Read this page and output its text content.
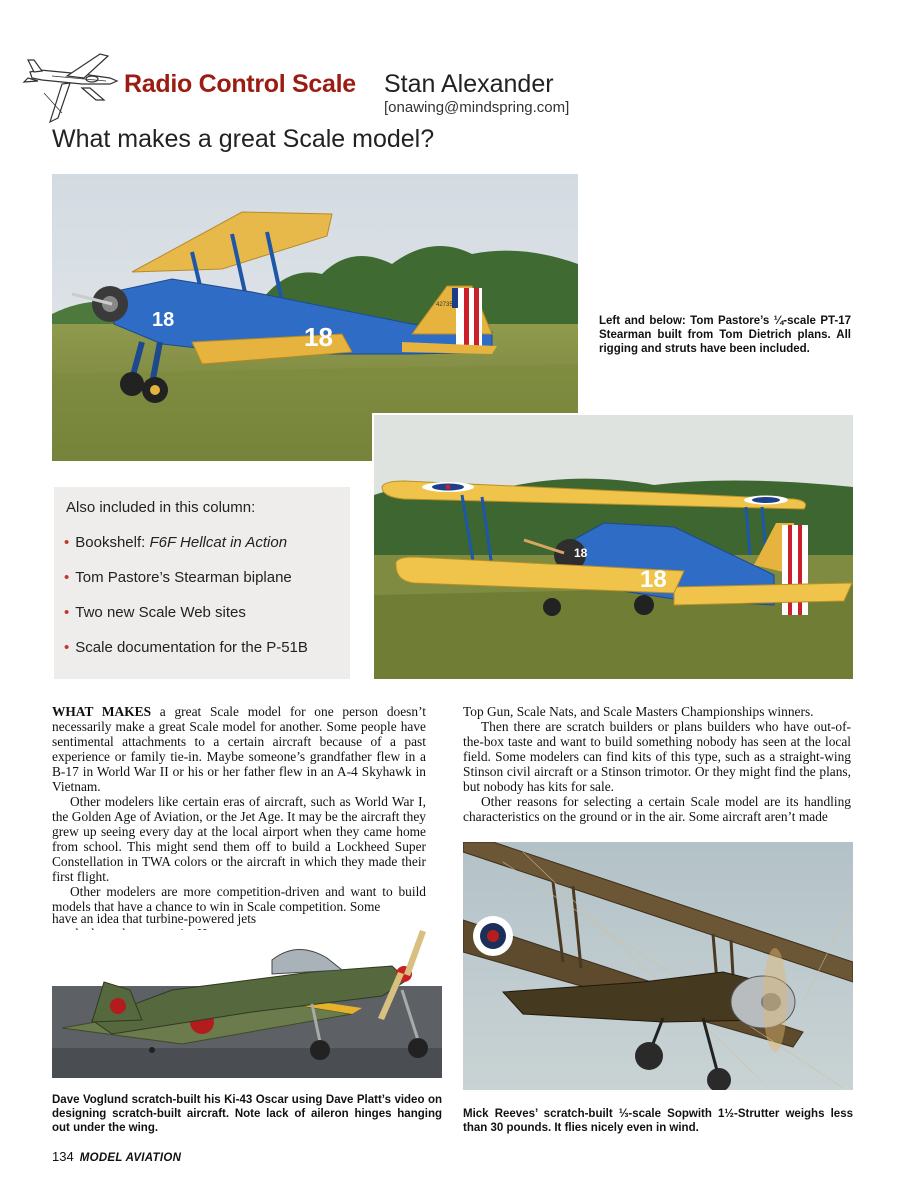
Radio Control Scale Stan Alexander
[onawing@mindspring.com]
What makes a great Scale model?
18
18
42735
Left and below: Tom Pastore’s ¼-scale PT-17 Stearman built from Tom Dietrich plans. All rigging and struts have been included.
Also included in this column:
• Bookshelf: F6F Hellcat in Action
• Tom Pastore’s Stearman biplane
• Two new Scale Web sites
• Scale documentation for the P-51B
18
18

WHAT MAKES a great Scale model for one person doesn’t necessarily make a great Scale model for another. Some people have sentimental attachments to a certain aircraft because of a past experience or family tie-in. Maybe someone’s grandfather flew in a B-17 in World War II or his or her father flew in an A-4 Skyhawk in Vietnam.

Other modelers like certain eras of aircraft, such as World War I, the Golden Age of Aviation, or the Jet Age. It may be the aircraft they grew up seeing every day at the local airport when they came home from school. This might send them off to build a Lockheed Super Constellation in TWA colors or the aircraft in which they made their first flight.

Other modelers are more competition-driven and want to build models that have a chance to win in Scale competition. Some

have an idea that turbine-powered jets

Dave Voglund scratch-built his Ki-43 Oscar using Dave Platt’s video on designing scratch-built aircraft. Note lack of aileron hinges hanging out under the wing.

Top Gun, Scale Nats, and Scale Masters Championships winners.

Then there are scratch builders or plans builders who have out-of-the-box taste and want to build something nobody has seen at the local field. Some modelers can find kits of this type, such as a straight-wing Stinson civil aircraft or a Stinson trimotor. Or they might find the plans, but nobody has kits for sale.

Other reasons for selecting a certain Scale model are its handling characteristics on the ground or in the air. Some aircraft aren’t made

Mick Reeves’ scratch-built ⅓-scale Sopwith 1½-Strutter weighs less than 30 pounds. It flies nicely even in wind.
134 MODEL AVIATION
